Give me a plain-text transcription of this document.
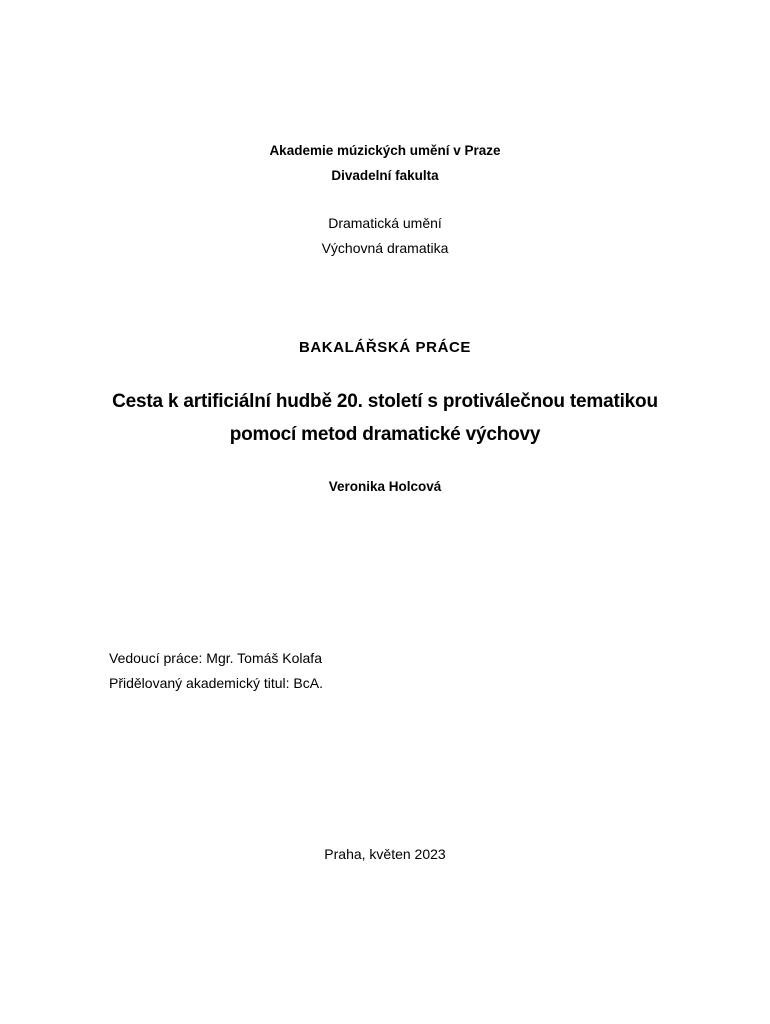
Akademie múzických umění v Praze
Divadelní fakulta
Dramatická umění
Výchovná dramatika
BAKALÁŘSKÁ PRÁCE
Cesta k artificiální hudbě 20. století s protiválečnou tematikou
pomocí metod dramatické výchovy
Veronika Holcová
Vedoucí práce: Mgr. Tomáš Kolafa
Přidělovaný akademický titul: BcA.
Praha, květen 2023
